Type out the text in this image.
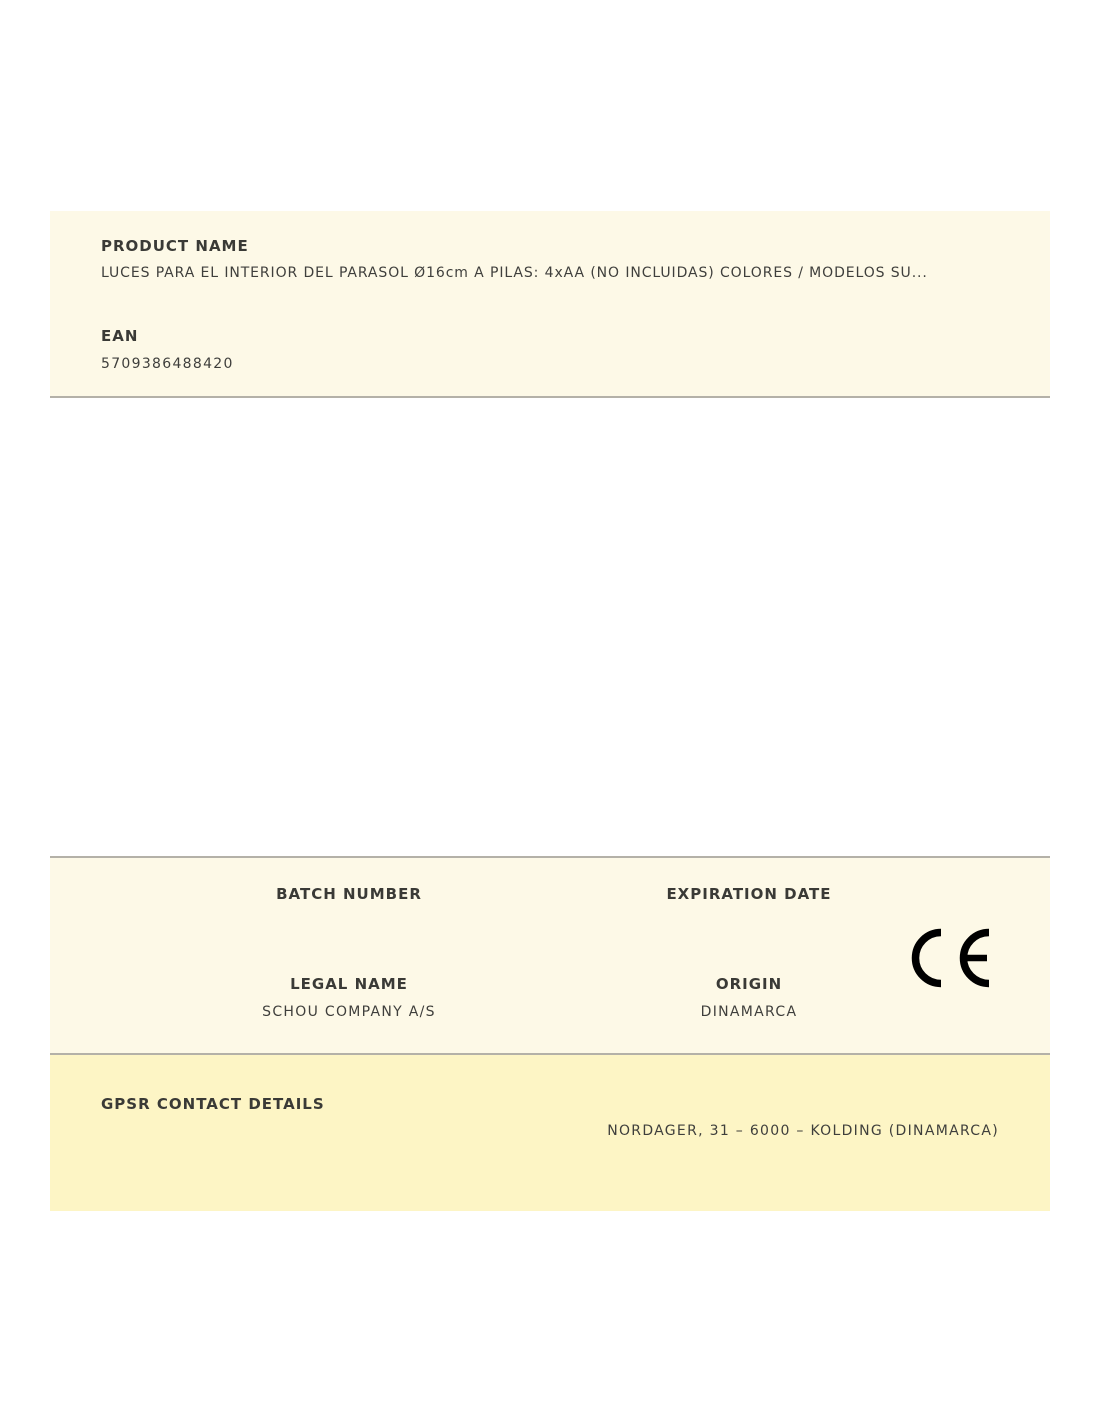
PRODUCT NAME
LUCES PARA EL INTERIOR DEL PARASOL Ø16cm A PILAS: 4xAA (NO INCLUIDAS) COLORES / MODELOS SU...
EAN
5709386488420
BATCH NUMBER	EXPIRATION DATE
LEGAL NAME
SCHOU COMPANY A/S
ORIGIN
DINAMARCA
GPSR CONTACT DETAILS
NORDAGER, 31 – 6000 – KOLDING (DINAMARCA)
